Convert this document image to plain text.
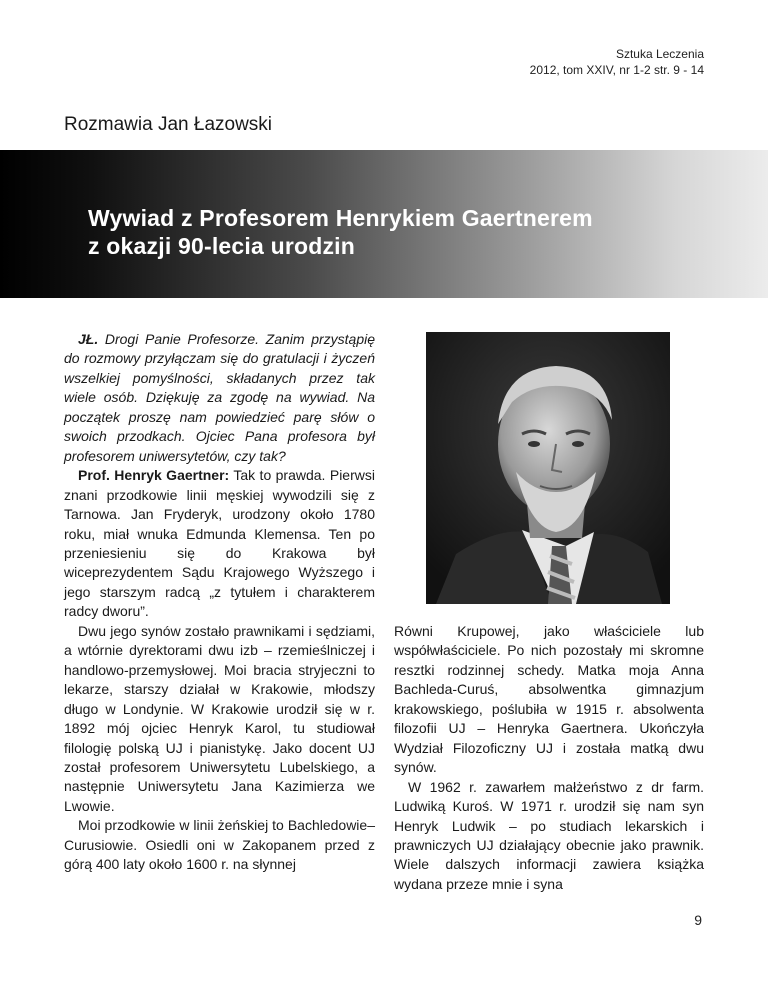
Sztuka Leczenia
2012, tom XXIV, nr 1-2 str. 9 - 14
Rozmawia Jan Łazowski
Wywiad z Profesorem Henrykiem Gaertnerem
z okazji 90-lecia urodzin

JŁ. Drogi Panie Profesorze. Zanim przystąpię do rozmowy przyłączam się do gratulacji i życzeń wszelkiej pomyślności, składanych przez tak wiele osób. Dziękuję za zgodę na wywiad. Na początek proszę nam powiedzieć parę słów o swoich przodkach. Ojciec Pana profesora był profesorem uniwersytetów, czy tak?

Prof. Henryk Gaertner: Tak to prawda. Pierwsi znani przodkowie linii męskiej wywodzili się z Tarnowa. Jan Fryderyk, urodzony około 1780 roku, miał wnuka Edmunda Klemensa. Ten po przeniesieniu się do Krakowa był wiceprezydentem Sądu Krajowego Wyższego i jego starszym radcą „z tytułem i charakterem radcy dworu”.

Dwu jego synów zostało prawnikami i sędziami, a wtórnie dyrektorami dwu izb – rzemieślniczej i handlowo-przemysłowej. Moi bracia stryjeczni to lekarze, starszy działał w Krakowie, młodszy długo w Londynie. W Krakowie urodził się w r. 1892 mój ojciec Henryk Karol, tu studiował filologię polską UJ i pianistykę. Jako docent UJ został profesorem Uniwersytetu Lubelskiego, a następnie Uniwersytetu Jana Kazimierza we Lwowie.

Moi przodkowie w linii żeńskiej to Bachledowie–Curusiowie. Osiedli oni w Zakopanem przed z górą 400 laty około 1600 r. na słynnej

Równi Krupowej, jako właściciele lub współwłaściciele. Po nich pozostały mi skromne resztki rodzinnej schedy. Matka moja Anna Bachleda-Curuś, absolwentka gimnazjum krakowskiego, poślubiła w 1915 r. absolwenta filozofii UJ – Henryka Gaertnera. Ukończyła Wydział Filozoficzny UJ i została matką dwu synów.

W 1962 r. zawarłem małżeństwo z dr farm. Ludwiką Kuroś. W 1971 r. urodził się nam syn Henryk Ludwik – po studiach lekarskich i prawniczych UJ działający obecnie jako prawnik. Wiele dalszych informacji zawiera książka wydana przeze mnie i syna

9
